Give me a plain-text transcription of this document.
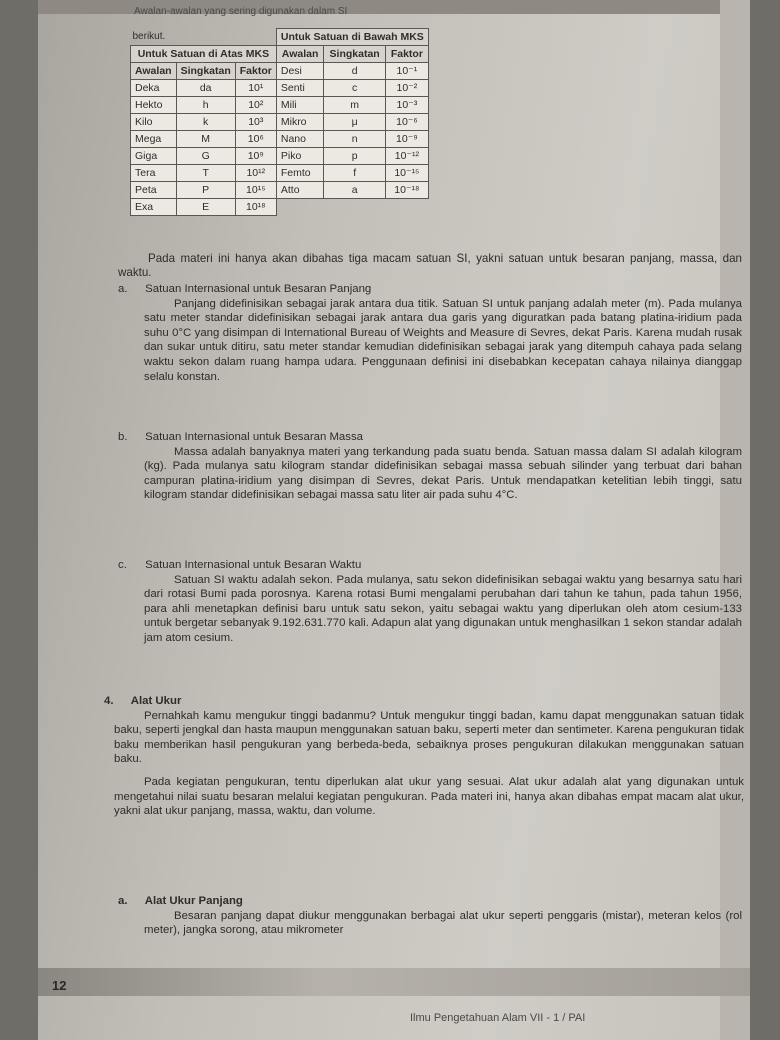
Awalan-awalan yang sering digunakan dalam SI
berikut.			Untuk Satuan di Bawah MKS		
Untuk Satuan di Atas MKS			Awalan	Singkatan	Faktor
Awalan	Singkatan	Faktor	Desi	d	10⁻¹
Deka	da	10¹	Senti	c	10⁻²
Hekto	h	10²	Mili	m	10⁻³
Kilo	k	10³	Mikro	μ	10⁻⁶
Mega	M	10⁶	Nano	n	10⁻⁹
Giga	G	10⁹	Piko	p	10⁻¹²
Tera	T	10¹²	Femto	f	10⁻¹⁵
Peta	P	10¹⁵	Atto	a	10⁻¹⁸
Exa	E	10¹⁸			

Pada materi ini hanya akan dibahas tiga macam satuan SI, yakni satuan untuk besaran panjang, massa, dan waktu.

a. Satuan Internasional untuk Besaran Panjang

Panjang didefinisikan sebagai jarak antara dua titik. Satuan SI untuk panjang adalah meter (m). Pada mulanya satu meter standar didefinisikan sebagai jarak antara dua garis yang diguratkan pada batang platina-iridium pada suhu 0°C yang disimpan di International Bureau of Weights and Measure di Sevres, dekat Paris. Karena mudah rusak dan sukar untuk ditiru, satu meter standar kemudian didefinisikan sebagai jarak yang ditempuh cahaya pada selang waktu sekon dalam ruang hampa udara. Penggunaan definisi ini disebabkan kecepatan cahaya nilainya dianggap selalu konstan.

b. Satuan Internasional untuk Besaran Massa

Massa adalah banyaknya materi yang terkandung pada suatu benda. Satuan massa dalam SI adalah kilogram (kg). Pada mulanya satu kilogram standar didefinisikan sebagai massa sebuah silinder yang terbuat dari bahan campuran platina-iridium yang disimpan di Sevres, dekat Paris. Untuk mendapatkan ketelitian lebih tinggi, satu kilogram standar didefinisikan sebagai massa satu liter air pada suhu 4°C.

c. Satuan Internasional untuk Besaran Waktu

Satuan SI waktu adalah sekon. Pada mulanya, satu sekon didefinisikan sebagai waktu yang besarnya satu hari dari rotasi Bumi pada porosnya. Karena rotasi Bumi mengalami perubahan dari tahun ke tahun, pada tahun 1956, para ahli menetapkan definisi baru untuk satu sekon, yaitu sebagai waktu yang diperlukan oleh atom cesium-133 untuk bergetar sebanyak 9.192.631.770 kali. Adapun alat yang digunakan untuk menghasilkan 1 sekon standar adalah jam atom cesium.

4. Alat Ukur

Pernahkah kamu mengukur tinggi badanmu? Untuk mengukur tinggi badan, kamu dapat menggunakan satuan tidak baku, seperti jengkal dan hasta maupun menggunakan satuan baku, seperti meter dan sentimeter. Karena pengukuran tidak baku memberikan hasil pengukuran yang berbeda-beda, sebaiknya proses pengukuran dilakukan menggunakan satuan baku.

Pada kegiatan pengukuran, tentu diperlukan alat ukur yang sesuai. Alat ukur adalah alat yang digunakan untuk mengetahui nilai suatu besaran melalui kegiatan pengukuran. Pada materi ini, hanya akan dibahas empat macam alat ukur, yakni alat ukur panjang, massa, waktu, dan volume.

a. Alat Ukur Panjang

Besaran panjang dapat diukur menggunakan berbagai alat ukur seperti penggaris (mistar), meteran kelos (rol meter), jangka sorong, atau mikrometer

12
Ilmu Pengetahuan Alam VII - 1 / PAI
